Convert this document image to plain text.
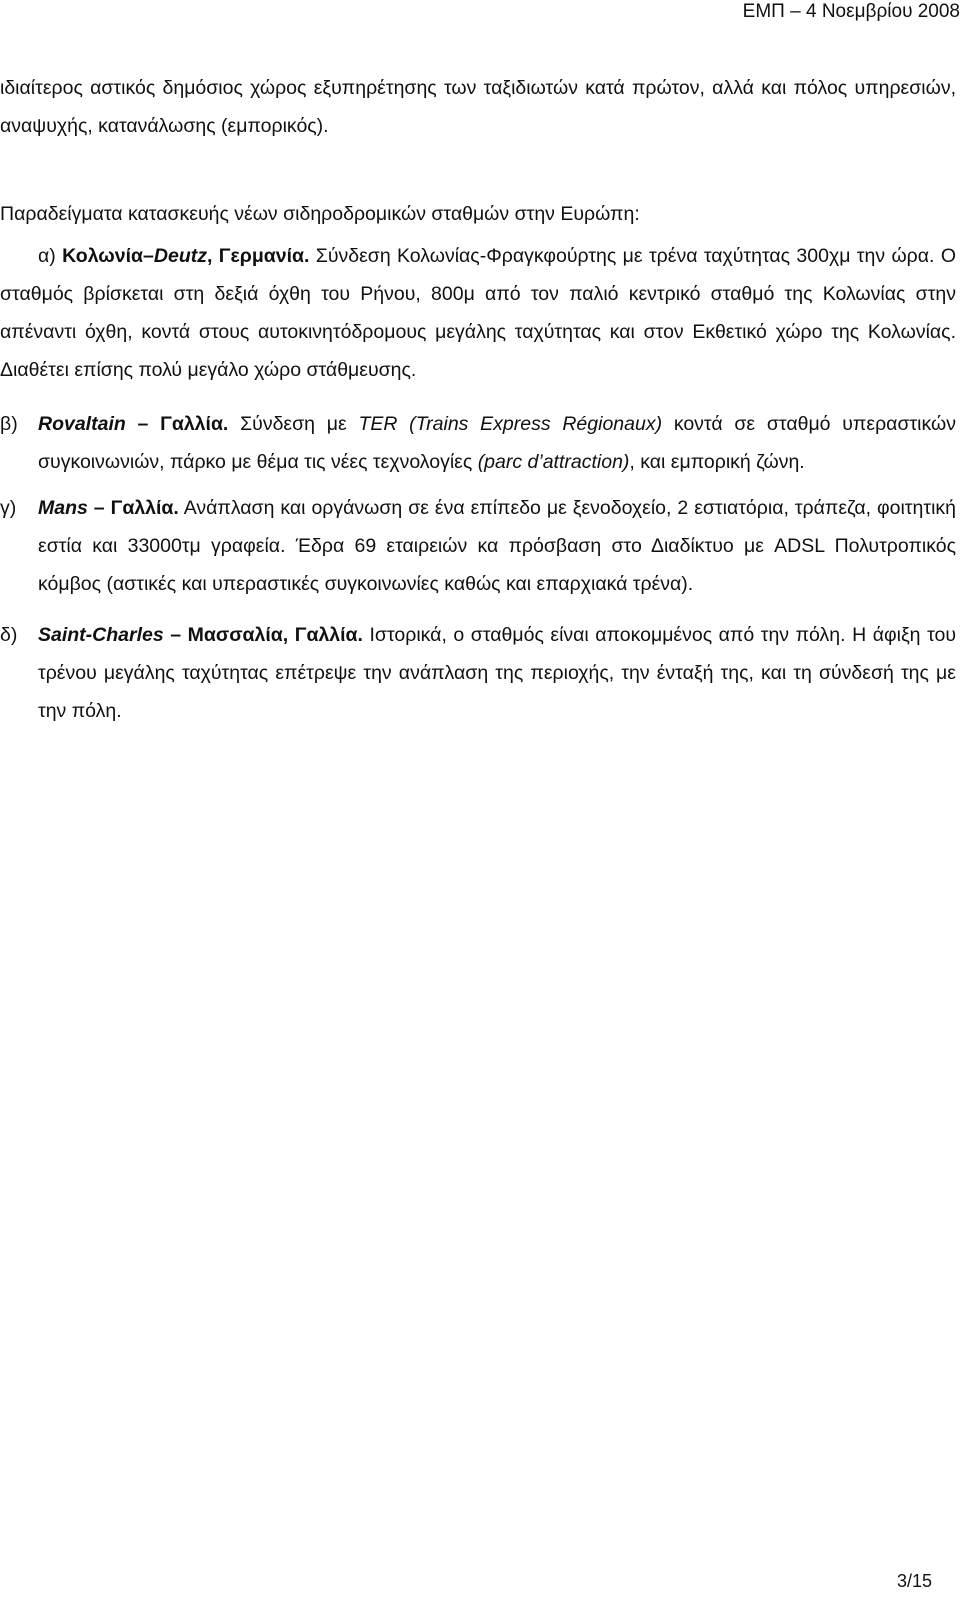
ΕΜΠ – 4 Νοεμβρίου 2008

ιδιαίτερος αστικός δημόσιος χώρος εξυπηρέτησης των ταξιδιωτών κατά πρώτον, αλλά και πόλος υπηρεσιών, αναψυχής, κατανάλωσης (εμπορικός).

Παραδείγματα κατασκευής νέων σιδηροδρομικών σταθμών στην Ευρώπη:

α) Κολωνία–Deutz, Γερμανία. Σύνδεση Κολωνίας-Φραγκφούρτης με τρένα ταχύτητας 300χμ την ώρα. Ο σταθμός βρίσκεται στη δεξιά όχθη του Ρήνου, 800μ από τον παλιό κεντρικό σταθμό της Κολωνίας στην απέναντι όχθη, κοντά στους αυτοκινητόδρομους μεγάλης ταχύτητας και στον Εκθετικό χώρο της Κολωνίας. Διαθέτει επίσης πολύ μεγάλο χώρο στάθμευσης.
β) Rovaltain – Γαλλία. Σύνδεση με TER (Trains Express Régionaux) κοντά σε σταθμό υπεραστικών συγκοινωνιών, πάρκο με θέμα τις νέες τεχνολογίες (parc d’attraction), και εμπορική ζώνη.
γ) Mans – Γαλλία. Ανάπλαση και οργάνωση σε ένα επίπεδο με ξενοδοχείο, 2 εστιατόρια, τράπεζα, φοιτητική εστία και 33000τμ γραφεία. Έδρα 69 εταιρειών κα πρόσβαση στο Διαδίκτυο με ADSL Πολυτροπικός κόμβος (αστικές και υπεραστικές συγκοινωνίες καθώς και επαρχιακά τρένα).
δ) Saint-Charles – Μασσαλία, Γαλλία. Ιστορικά, ο σταθμός είναι αποκομμένος από την πόλη. Η άφιξη του τρένου μεγάλης ταχύτητας επέτρεψε την ανάπλαση της περιοχής, την ένταξή της, και τη σύνδεσή της με την πόλη.
3/15
